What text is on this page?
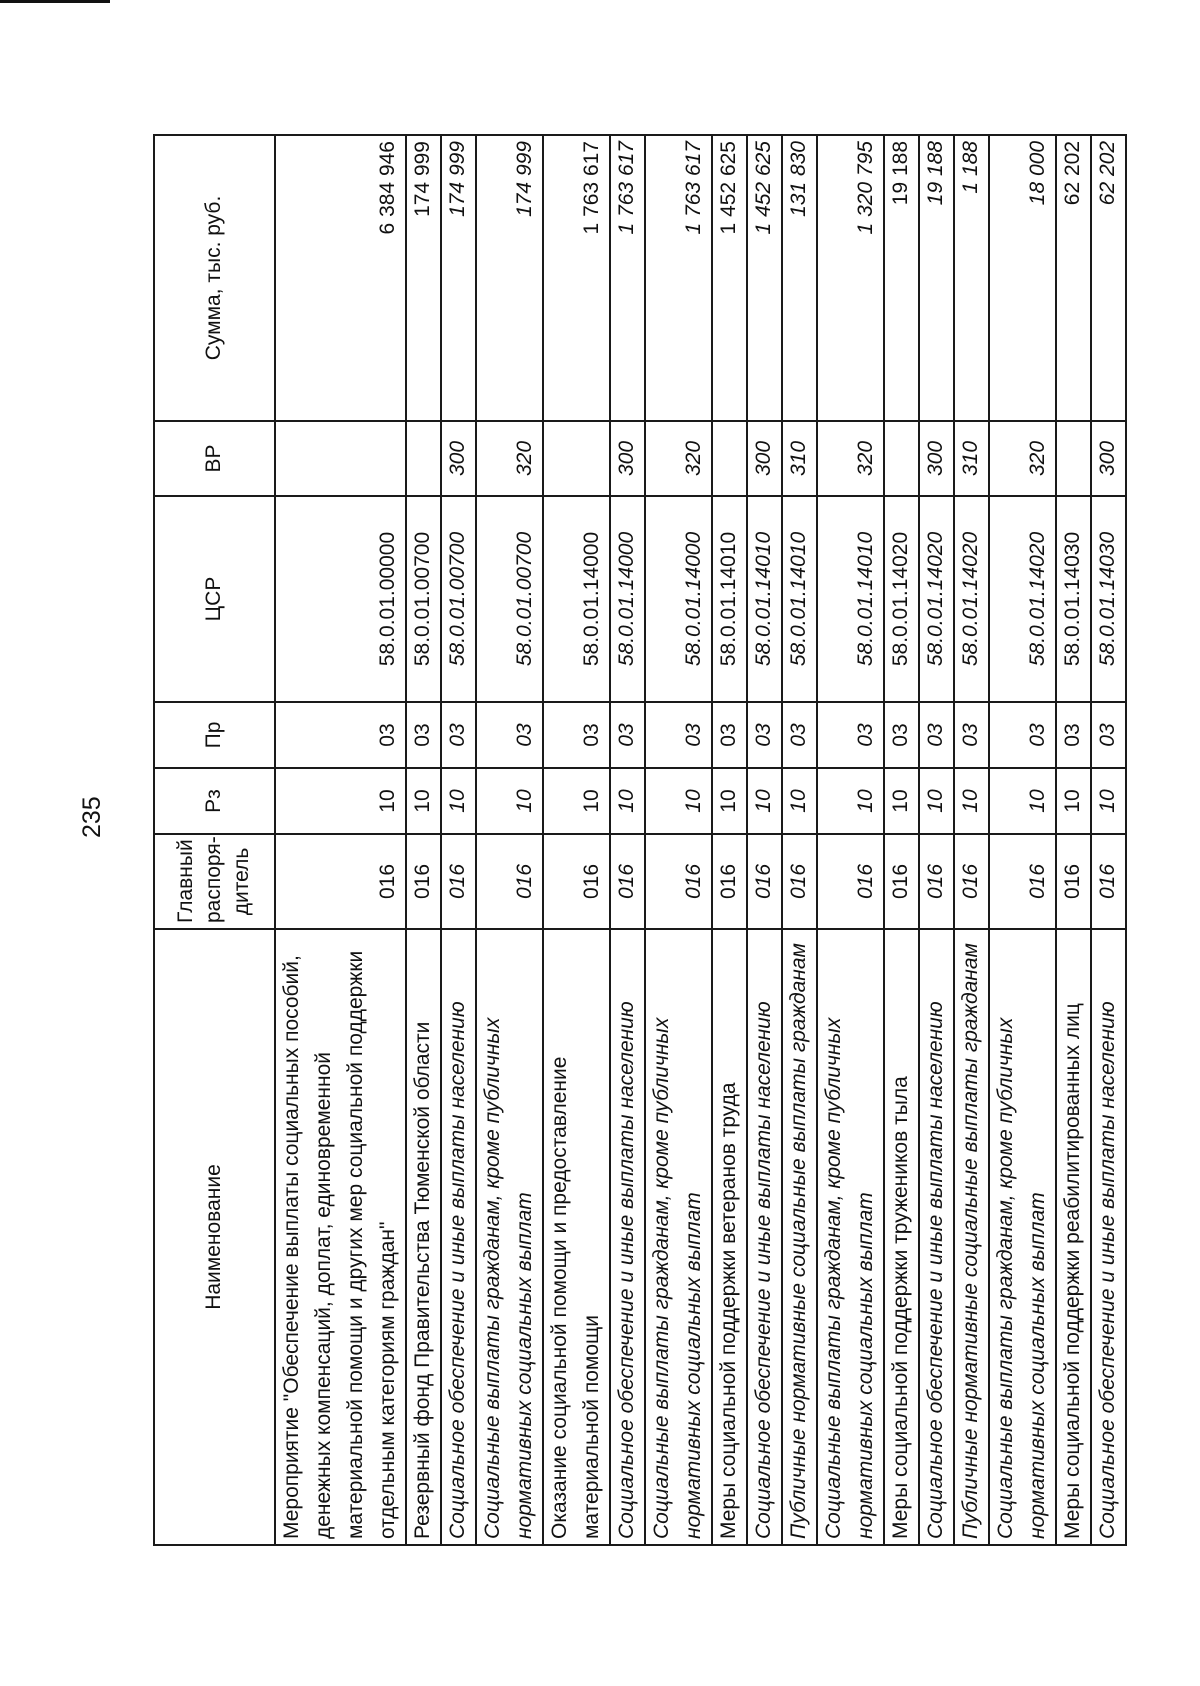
235
Наименование	Главный распоря-дитель	Рз	Пр	ЦСР	ВР	Сумма, тыс. руб.
Мероприятие "Обеспечение выплаты социальных пособий, денежных компенсаций, доплат, единовременной материальной помощи и других мер социальной поддержки отдельным категориям граждан"	016	10	03	58.0.01.00000		6 384 946
Резервный фонд Правительства Тюменской области	016	10	03	58.0.01.00700		174 999
Социальное обеспечение и иные выплаты населению	016	10	03	58.0.01.00700	300	174 999
Социальные выплаты гражданам, кроме публичных нормативных социальных выплат	016	10	03	58.0.01.00700	320	174 999
Оказание социальной помощи и предоставление материальной помощи	016	10	03	58.0.01.14000		1 763 617
Социальное обеспечение и иные выплаты населению	016	10	03	58.0.01.14000	300	1 763 617
Социальные выплаты гражданам, кроме публичных нормативных социальных выплат	016	10	03	58.0.01.14000	320	1 763 617
Меры социальной поддержки ветеранов труда	016	10	03	58.0.01.14010		1 452 625
Социальное обеспечение и иные выплаты населению	016	10	03	58.0.01.14010	300	1 452 625
Публичные нормативные социальные выплаты гражданам	016	10	03	58.0.01.14010	310	131 830
Социальные выплаты гражданам, кроме публичных нормативных социальных выплат	016	10	03	58.0.01.14010	320	1 320 795
Меры социальной поддержки тружеников тыла	016	10	03	58.0.01.14020		19 188
Социальное обеспечение и иные выплаты населению	016	10	03	58.0.01.14020	300	19 188
Публичные нормативные социальные выплаты гражданам	016	10	03	58.0.01.14020	310	1 188
Социальные выплаты гражданам, кроме публичных нормативных социальных выплат	016	10	03	58.0.01.14020	320	18 000
Меры социальной поддержки реабилитированных лиц	016	10	03	58.0.01.14030		62 202
Социальное обеспечение и иные выплаты населению	016	10	03	58.0.01.14030	300	62 202
